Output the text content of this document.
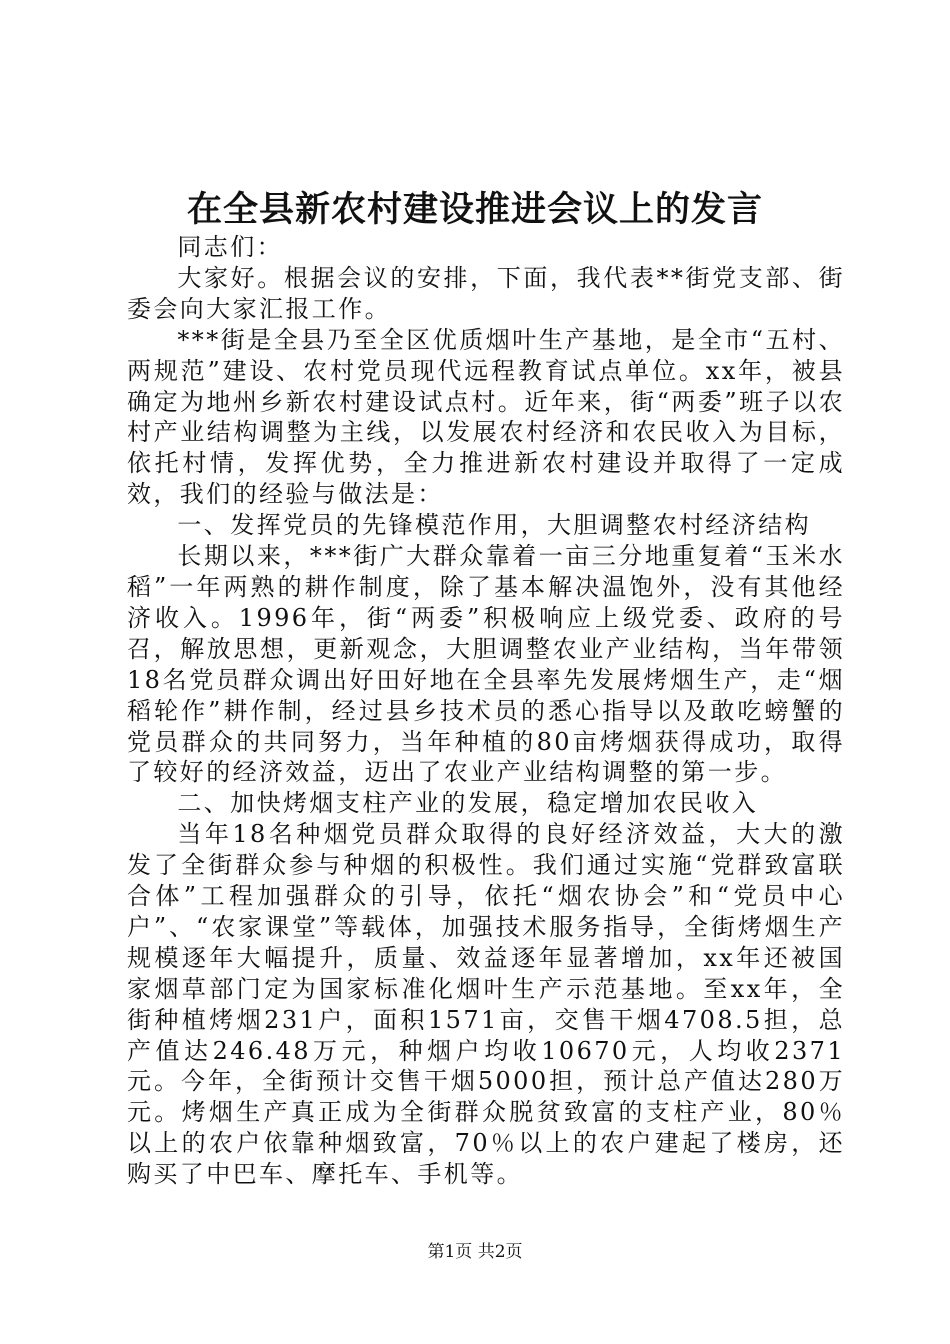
在全县新农村建设推进会议上的发言

同志们：

大家好。根据会议的安排，下面，我代表**街党支部、街委会向大家汇报工作。

***街是全县乃至全区优质烟叶生产基地，是全市“五村、两规范”建设、农村党员现代远程教育试点单位。xx年，被县确定为地州乡新农村建设试点村。近年来，街“两委”班子以农村产业结构调整为主线，以发展农村经济和农民收入为目标，依托村情，发挥优势，全力推进新农村建设并取得了一定成效，我们的经验与做法是：

一、发挥党员的先锋模范作用，大胆调整农村经济结构

长期以来，***街广大群众靠着一亩三分地重复着“玉米水稻”一年两熟的耕作制度，除了基本解决温饱外，没有其他经济收入。1996年，街“两委”积极响应上级党委、政府的号召，解放思想，更新观念，大胆调整农业产业结构，当年带领18名党员群众调出好田好地在全县率先发展烤烟生产，走“烟稻轮作”耕作制，经过县乡技术员的悉心指导以及敢吃螃蟹的党员群众的共同努力，当年种植的80亩烤烟获得成功，取得了较好的经济效益，迈出了农业产业结构调整的第一步。

二、加快烤烟支柱产业的发展，稳定增加农民收入

当年18名种烟党员群众取得的良好经济效益，大大的激发了全街群众参与种烟的积极性。我们通过实施“党群致富联合体”工程加强群众的引导，依托“烟农协会”和“党员中心户”、“农家课堂”等载体，加强技术服务指导，全街烤烟生产规模逐年大幅提升，质量、效益逐年显著增加，xx年还被国家烟草部门定为国家标准化烟叶生产示范基地。至xx年，全街种植烤烟231户，面积1571亩，交售干烟4708.5担，总产值达246.48万元，种烟户均收10670元，人均收2371元。今年，全街预计交售干烟5000担，预计总产值达280万元。烤烟生产真正成为全街群众脱贫致富的支柱产业，80％以上的农户依靠种烟致富，70％以上的农户建起了楼房，还购买了中巴车、摩托车、手机等。

第1页 共2页
